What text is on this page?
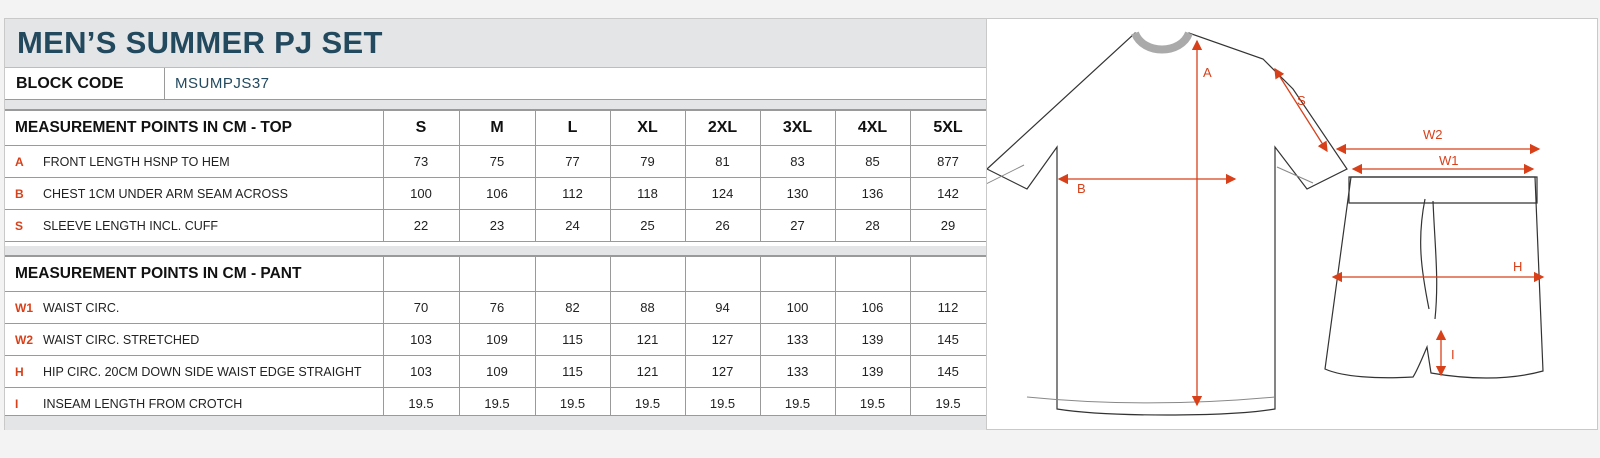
MEN’S SUMMER PJ SET
BLOCK CODE	MSUMPJS37
MEASUREMENT POINTS IN CM - TOP	S	M	L	XL	2XL	3XL	4XL	5XL
A FRONT LENGTH HSNP TO HEM	73	75	77	79	81	83	85	877
B CHEST 1CM UNDER ARM SEAM ACROSS	100	106	112	118	124	130	136	142
S SLEEVE LENGTH INCL. CUFF	22	23	24	25	26	27	28	29
MEASUREMENT POINTS IN CM - PANT								
W1 WAIST CIRC.	70	76	82	88	94	100	106	112
W2 WAIST CIRC. STRETCHED	103	109	115	121	127	133	139	145
H HIP CIRC. 20CM DOWN SIDE WAIST EDGE STRAIGHT	103	109	115	121	127	133	139	145
I INSEAM LENGTH FROM CROTCH	19.5	19.5	19.5	19.5	19.5	19.5	19.5	19.5
A
B
S
W2
W1
H
I
